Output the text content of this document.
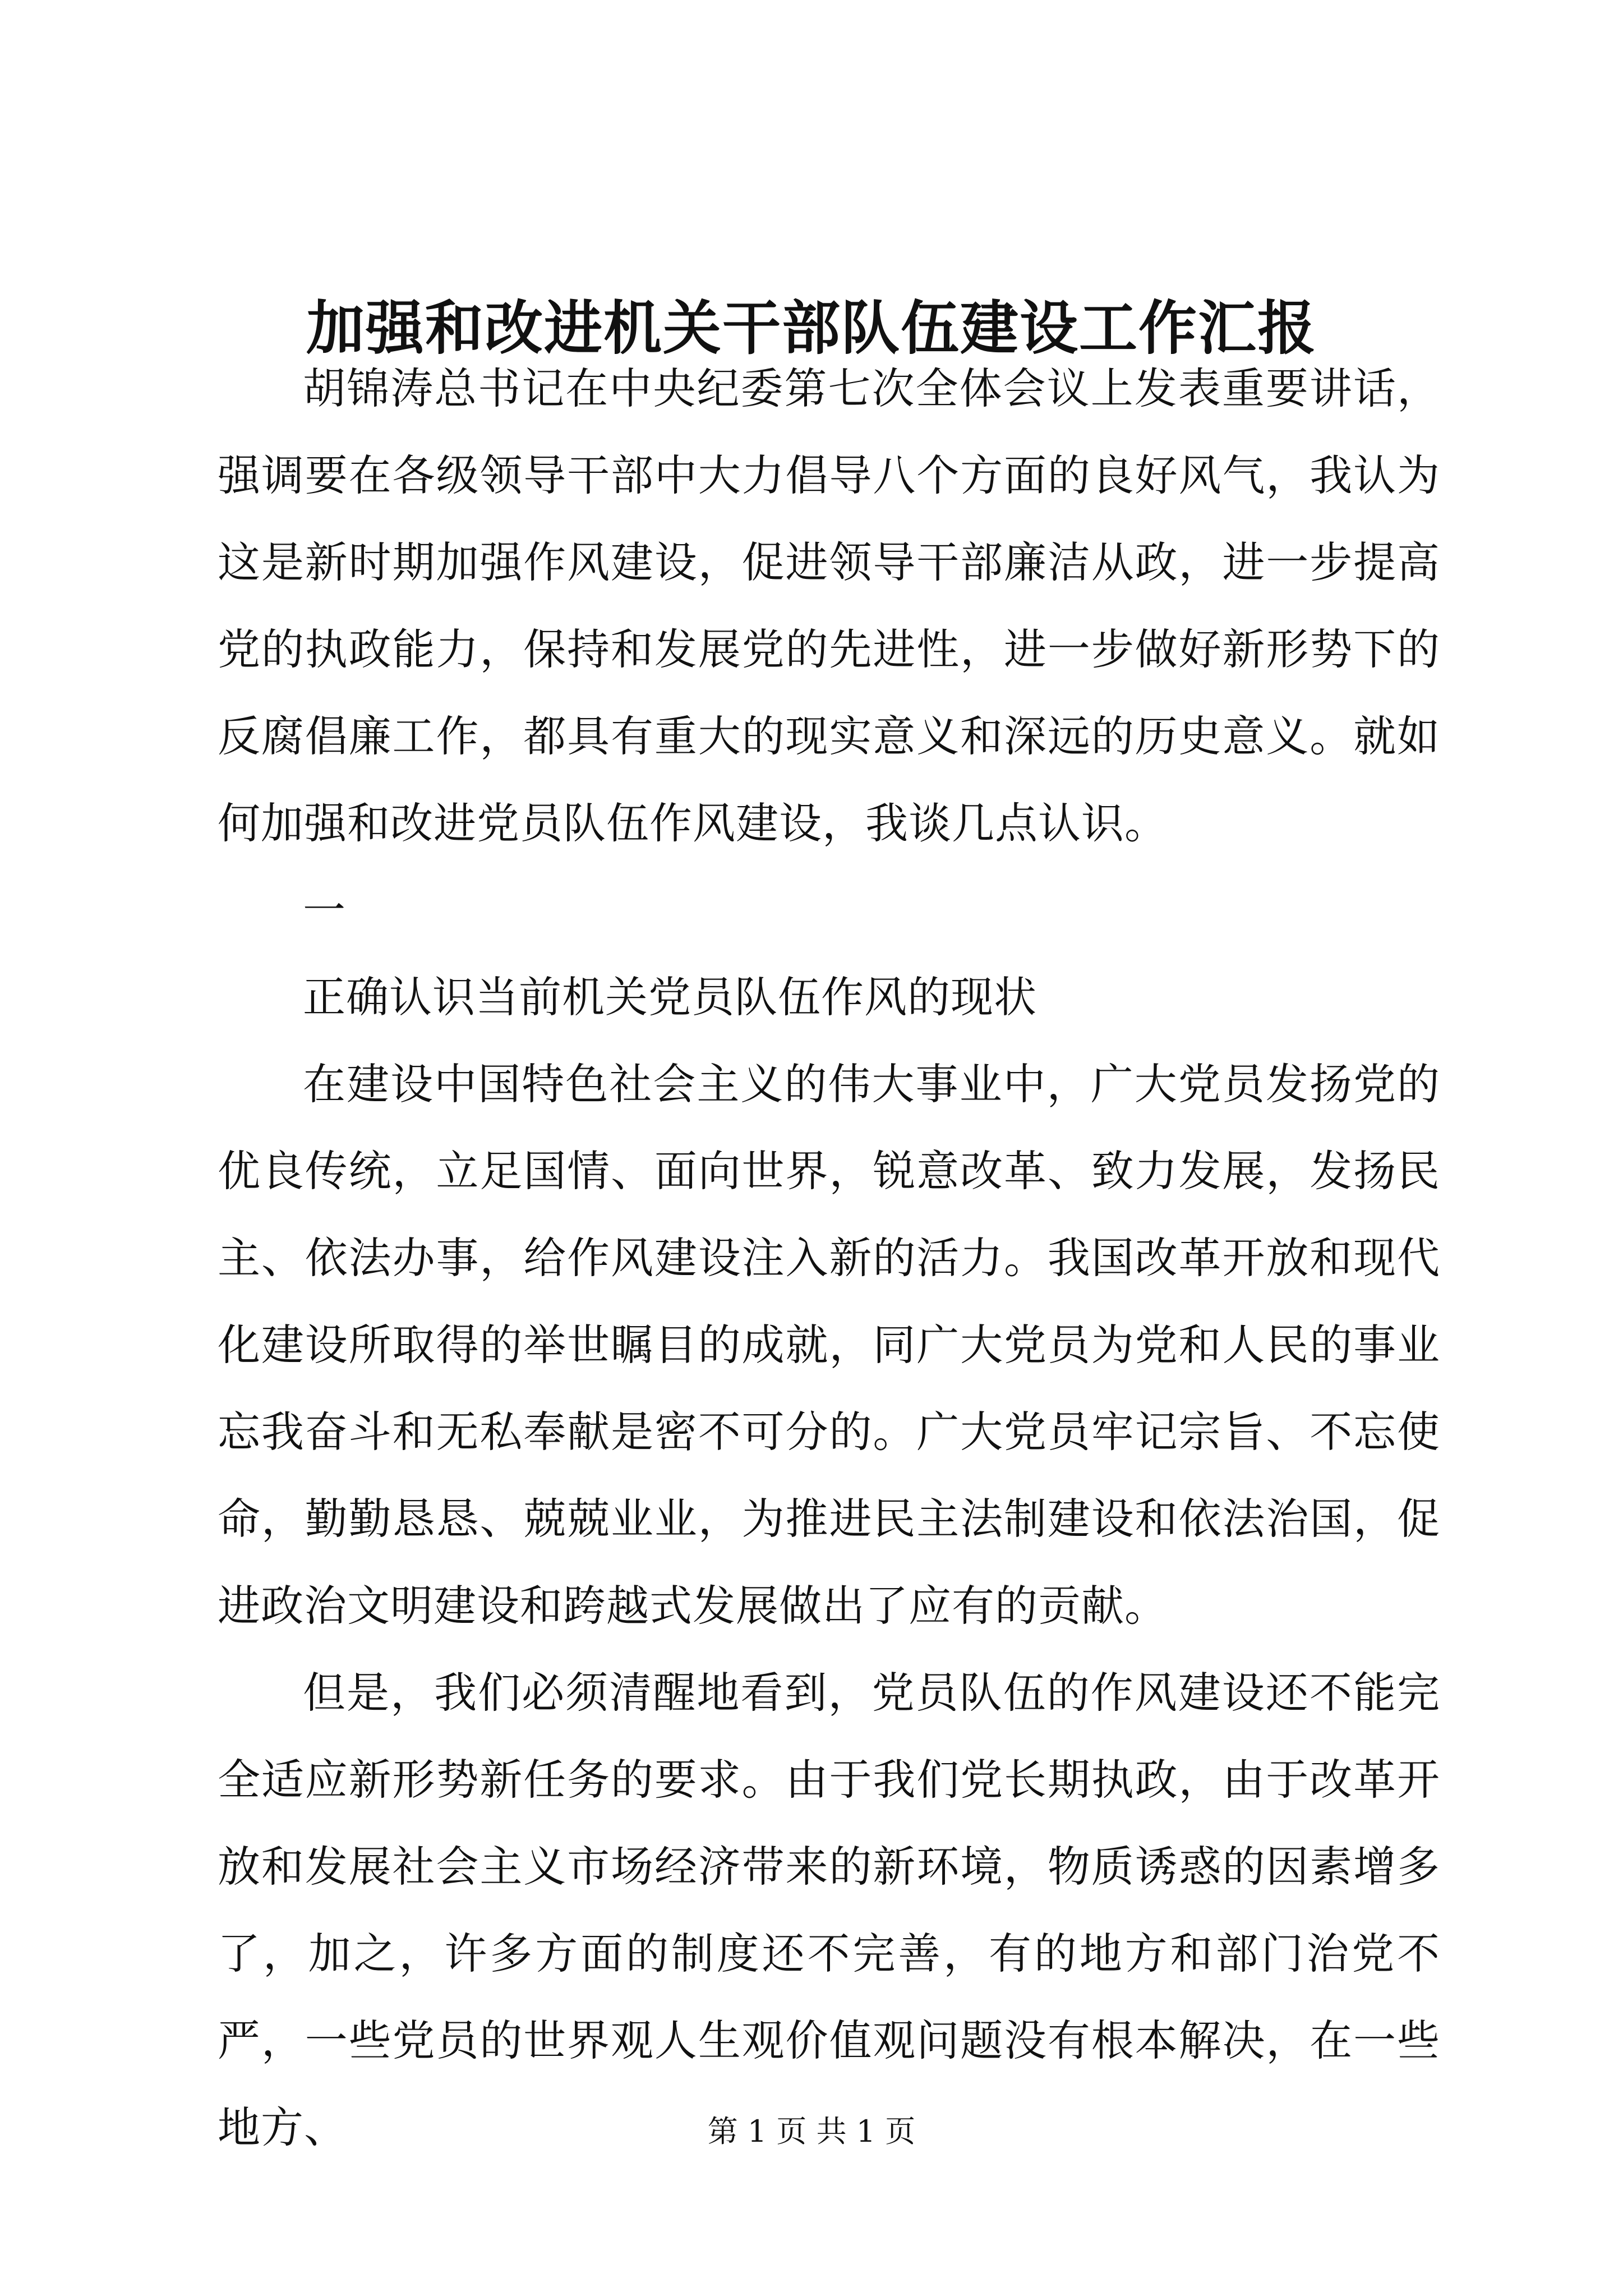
加强和改进机关干部队伍建设工作汇报

胡锦涛总书记在中央纪委第七次全体会议上发表重要讲话，强调要在各级领导干部中大力倡导八个方面的良好风气，我认为这是新时期加强作风建设，促进领导干部廉洁从政，进一步提高党的执政能力，保持和发展党的先进性，进一步做好新形势下的反腐倡廉工作，都具有重大的现实意义和深远的历史意义。就如何加强和改进党员队伍作风建设，我谈几点认识。

一

正确认识当前机关党员队伍作风的现状

在建设中国特色社会主义的伟大事业中，广大党员发扬党的优良传统，立足国情、面向世界，锐意改革、致力发展，发扬民主、依法办事，给作风建设注入新的活力。我国改革开放和现代化建设所取得的举世瞩目的成就，同广大党员为党和人民的事业忘我奋斗和无私奉献是密不可分的。广大党员牢记宗旨、不忘使命，勤勤恳恳、兢兢业业，为推进民主法制建设和依法治国，促进政治文明建设和跨越式发展做出了应有的贡献。

但是，我们必须清醒地看到，党员队伍的作风建设还不能完全适应新形势新任务的要求。由于我们党长期执政，由于改革开放和发展社会主义市场经济带来的新环境，物质诱惑的因素增多了，加之，许多方面的制度还不完善，有的地方和部门治党不严，一些党员的世界观人生观价值观问题没有根本解决，在一些地方、	第 1 页 共 1 页
